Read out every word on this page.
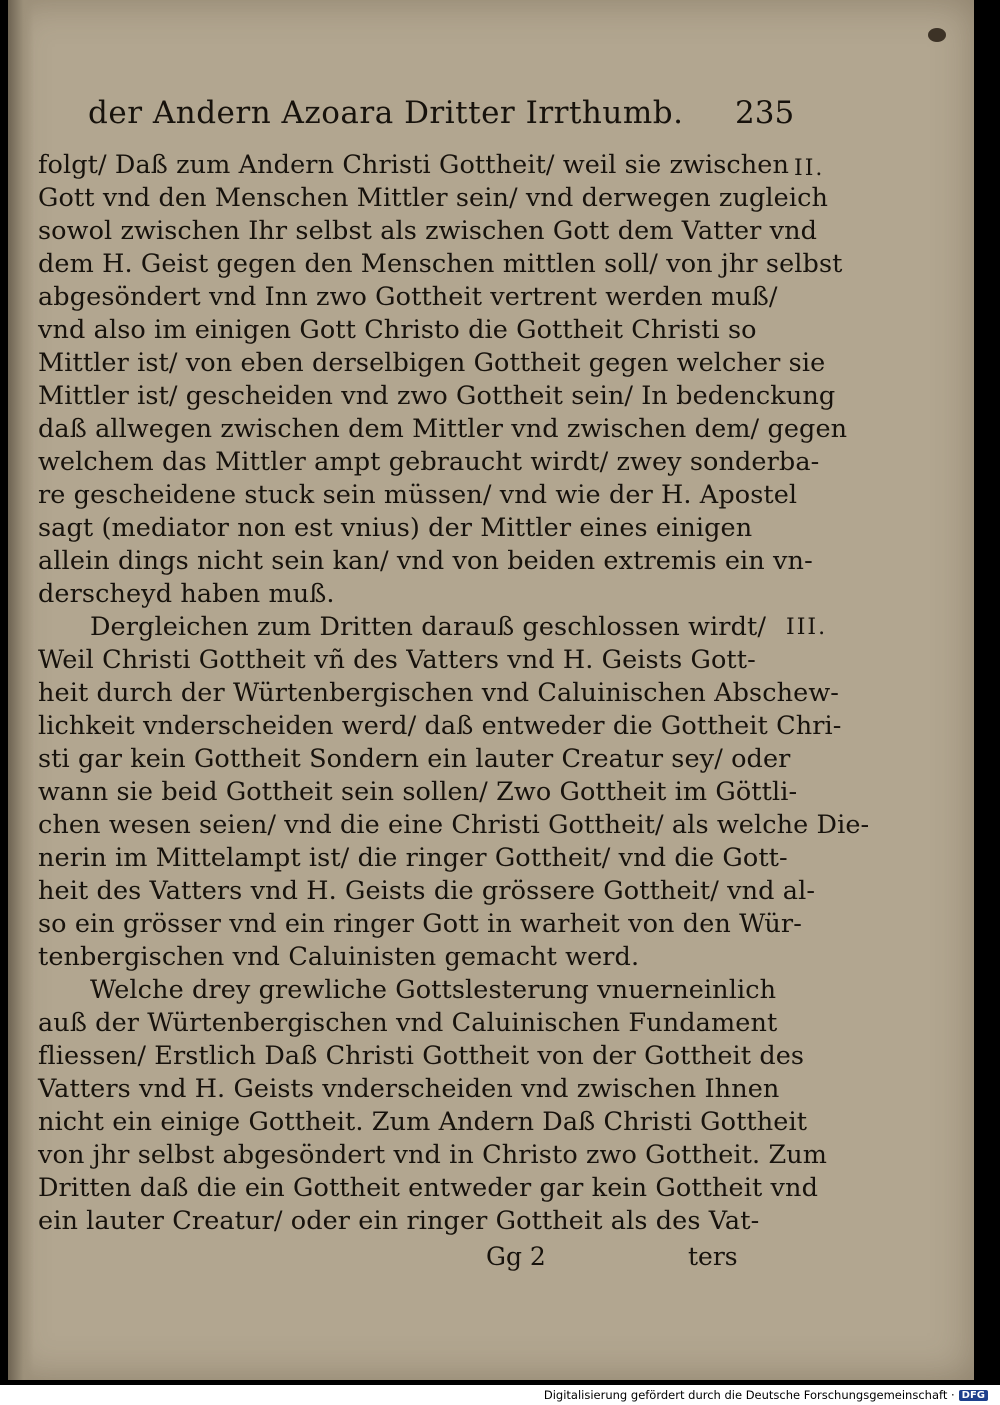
der Andern Azoara Dritter Irrthumb. 235
folgt/ Daß zum Andern Christi Gottheit/ weil sie zwischen
Gott vnd den Menschen Mittler sein/ vnd derwegen zugleich
sowol zwischen Ihr selbst als zwischen Gott dem Vatter vnd
dem H. Geist gegen den Menschen mittlen soll/ von jhr selbst
abgesöndert vnd Inn zwo Gottheit vertrent werden muß/
vnd also im einigen Gott Christo die Gottheit Christi so
Mittler ist/ von eben derselbigen Gottheit gegen welcher sie
Mittler ist/ gescheiden vnd zwo Gottheit sein/ In bedenckung
daß allwegen zwischen dem Mittler vnd zwischen dem/ gegen
welchem das Mittler ampt gebraucht wirdt/ zwey sonderba-
re gescheidene stuck sein müssen/ vnd wie der H. Apostel
sagt (mediator non est vnius) der Mittler eines einigen
allein dings nicht sein kan/ vnd von beiden extremis ein vn-
derscheyd haben muß.
Dergleichen zum Dritten darauß geschlossen wirdt/
Weil Christi Gottheit vñ des Vatters vnd H. Geists Gott-
heit durch der Würtenbergischen vnd Caluinischen Abschew-
lichkeit vnderscheiden werd/ daß entweder die Gottheit Chri-
sti gar kein Gottheit Sondern ein lauter Creatur sey/ oder
wann sie beid Gottheit sein sollen/ Zwo Gottheit im Göttli-
chen wesen seien/ vnd die eine Christi Gottheit/ als welche Die-
nerin im Mittelampt ist/ die ringer Gottheit/ vnd die Gott-
heit des Vatters vnd H. Geists die grössere Gottheit/ vnd al-
so ein grösser vnd ein ringer Gott in warheit von den Wür-
tenbergischen vnd Caluinisten gemacht werd.
Welche drey grewliche Gottslesterung vnuerneinlich
auß der Würtenbergischen vnd Caluinischen Fundament
fliessen/ Erstlich Daß Christi Gottheit von der Gottheit des
Vatters vnd H. Geists vnderscheiden vnd zwischen Ihnen
nicht ein einige Gottheit. Zum Andern Daß Christi Gottheit
von jhr selbst abgesöndert vnd in Christo zwo Gottheit. Zum
Dritten daß die ein Gottheit entweder gar kein Gottheit vnd
ein lauter Creatur/ oder ein ringer Gottheit als des Vat-
II.
III.
Gg 2	ters
Digitalisierung gefördert durch die Deutsche Forschungsgemeinschaft · DFG
